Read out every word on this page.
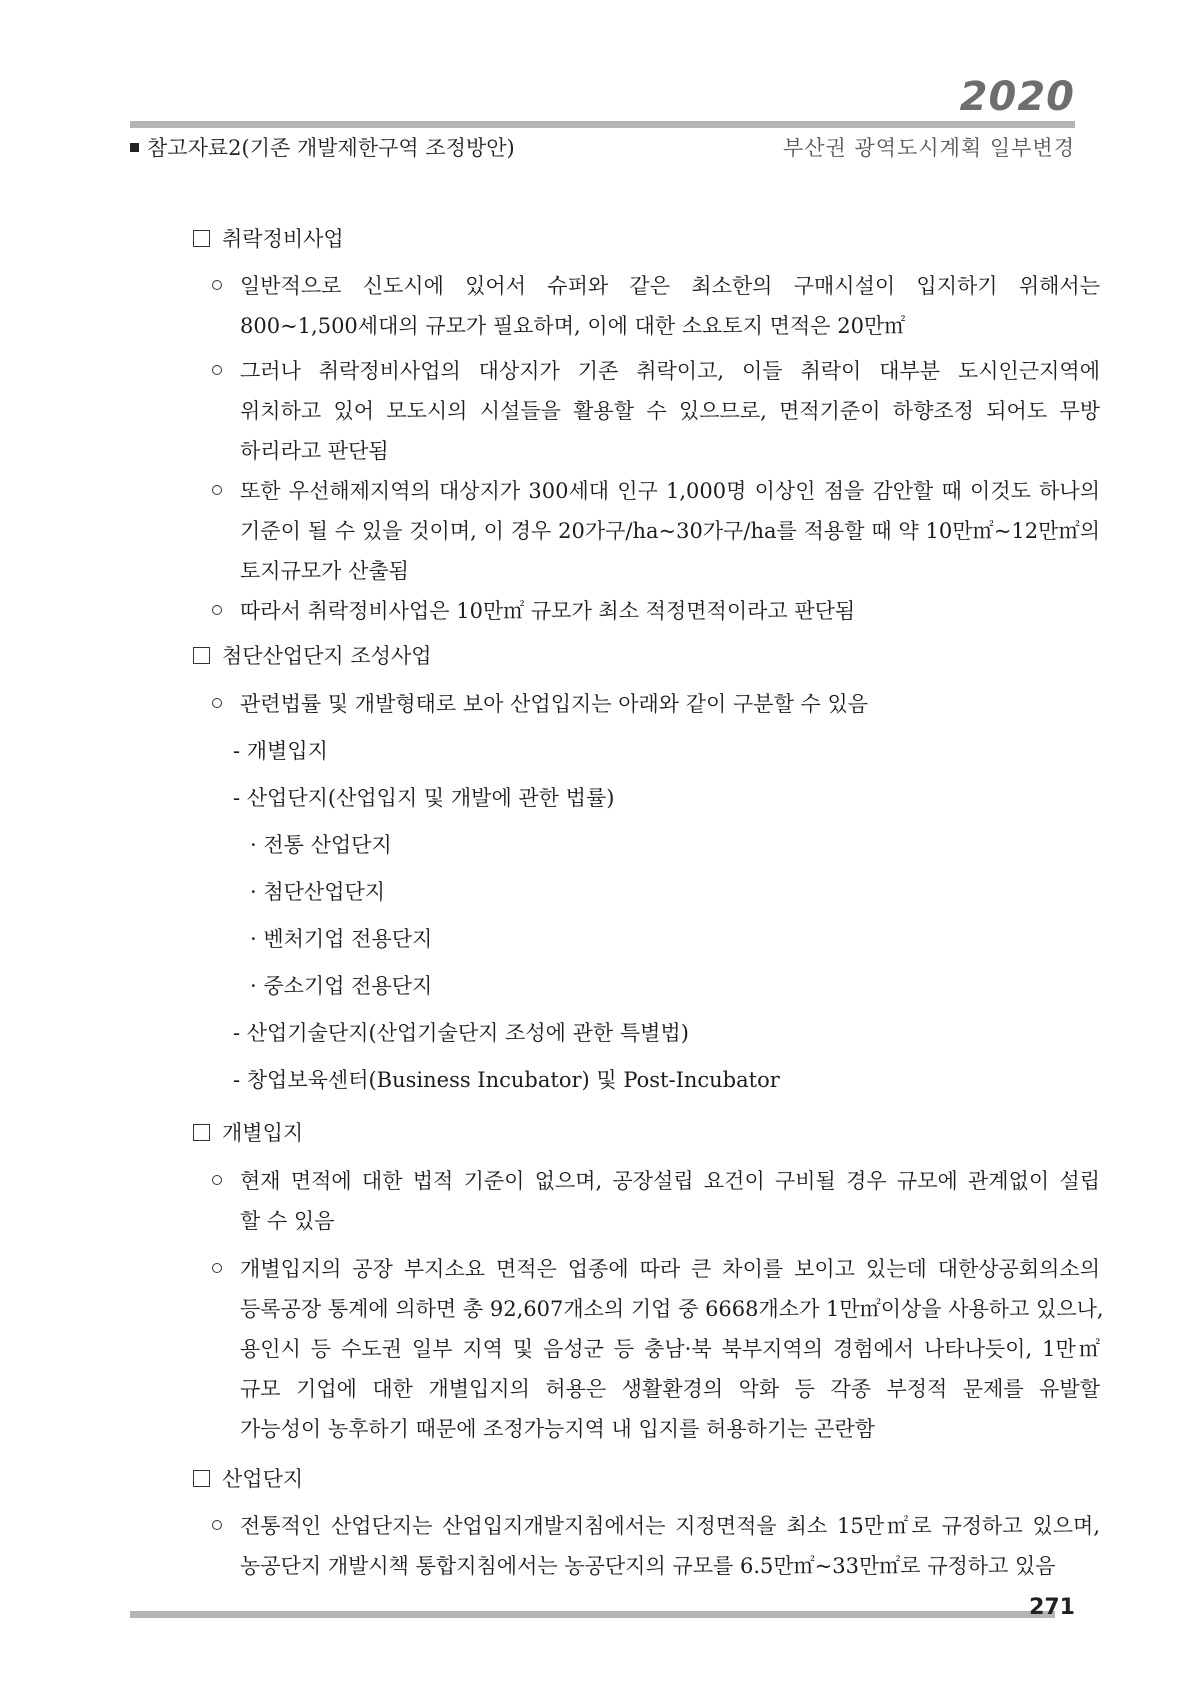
2020
참고자료2(기존 개발제한구역 조정방안)	부산권 광역도시계획 일부변경
취락정비사업
일반적으로 신도시에 있어서 슈퍼와 같은 최소한의 구매시설이 입지하기 위해서는
800~1,500세대의 규모가 필요하며, 이에 대한 소요토지 면적은 20만㎡
그러나 취락정비사업의 대상지가 기존 취락이고, 이들 취락이 대부분 도시인근지역에
위치하고 있어 모도시의 시설들을 활용할 수 있으므로, 면적기준이 하향조정 되어도 무방
하리라고 판단됨
또한 우선해제지역의 대상지가 300세대 인구 1,000명 이상인 점을 감안할 때 이것도 하나의
기준이 될 수 있을 것이며, 이 경우 20가구/ha~30가구/ha를 적용할 때 약 10만㎡~12만㎡의
토지규모가 산출됨
따라서 취락정비사업은 10만㎡ 규모가 최소 적정면적이라고 판단됨
첨단산업단지 조성사업
관련법률 및 개발형태로 보아 산업입지는 아래와 같이 구분할 수 있음
- 개별입지
- 산업단지(산업입지 및 개발에 관한 법률)
· 전통 산업단지
· 첨단산업단지
· 벤처기업 전용단지
· 중소기업 전용단지
- 산업기술단지(산업기술단지 조성에 관한 특별법)
- 창업보육센터(Business Incubator) 및 Post-Incubator
개별입지
현재 면적에 대한 법적 기준이 없으며, 공장설립 요건이 구비될 경우 규모에 관계없이 설립
할 수 있음
개별입지의 공장 부지소요 면적은 업종에 따라 큰 차이를 보이고 있는데 대한상공회의소의
등록공장 통계에 의하면 총 92,607개소의 기업 중 6668개소가 1만㎡이상을 사용하고 있으나,
용인시 등 수도권 일부 지역 및 음성군 등 충남·북 북부지역의 경험에서 나타나듯이, 1만㎡
규모 기업에 대한 개별입지의 허용은 생활환경의 악화 등 각종 부정적 문제를 유발할
가능성이 농후하기 때문에 조정가능지역 내 입지를 허용하기는 곤란함
산업단지
전통적인 산업단지는 산업입지개발지침에서는 지정면적을 최소 15만㎡로 규정하고 있으며,
농공단지 개발시책 통합지침에서는 농공단지의 규모를 6.5만㎡~33만㎡로 규정하고 있음
271
